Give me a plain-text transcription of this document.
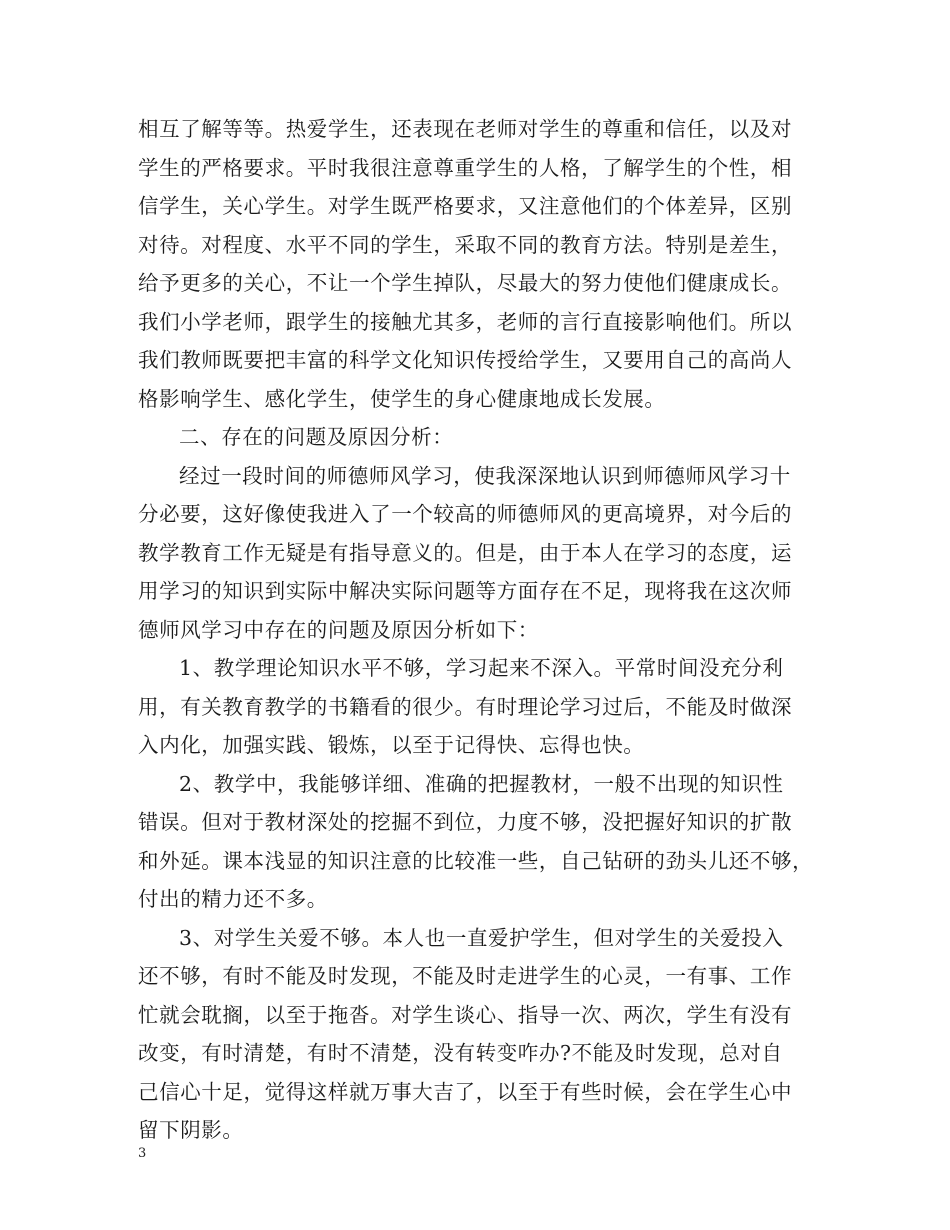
相互了解等等。热爱学生，还表现在老师对学生的尊重和信任，以及对
学生的严格要求。平时我很注意尊重学生的人格，了解学生的个性，相
信学生，关心学生。对学生既严格要求，又注意他们的个体差异，区别
对待。对程度、水平不同的学生，采取不同的教育方法。特别是差生，
给予更多的关心，不让一个学生掉队，尽最大的努力使他们健康成长。
我们小学老师，跟学生的接触尤其多，老师的言行直接影响他们。所以
我们教师既要把丰富的科学文化知识传授给学生，又要用自己的高尚人
格影响学生、感化学生，使学生的身心健康地成长发展。
二、存在的问题及原因分析：
经过一段时间的师德师风学习，使我深深地认识到师德师风学习十
分必要，这好像使我进入了一个较高的师德师风的更高境界，对今后的
教学教育工作无疑是有指导意义的。但是，由于本人在学习的态度，运
用学习的知识到实际中解决实际问题等方面存在不足，现将我在这次师
德师风学习中存在的问题及原因分析如下：
1、教学理论知识水平不够，学习起来不深入。平常时间没充分利
用，有关教育教学的书籍看的很少。有时理论学习过后，不能及时做深
入内化，加强实践、锻炼，以至于记得快、忘得也快。
2、教学中，我能够详细、准确的把握教材，一般不出现的知识性
错误。但对于教材深处的挖掘不到位，力度不够，没把握好知识的扩散
和外延。课本浅显的知识注意的比较准一些，自己钻研的劲头儿还不够，
付出的精力还不多。
3、对学生关爱不够。本人也一直爱护学生，但对学生的关爱投入
还不够，有时不能及时发现，不能及时走进学生的心灵，一有事、工作
忙就会耽搁，以至于拖沓。对学生谈心、指导一次、两次，学生有没有
改变，有时清楚，有时不清楚，没有转变咋办?不能及时发现，总对自
己信心十足，觉得这样就万事大吉了，以至于有些时候，会在学生心中
留下阴影。
3
